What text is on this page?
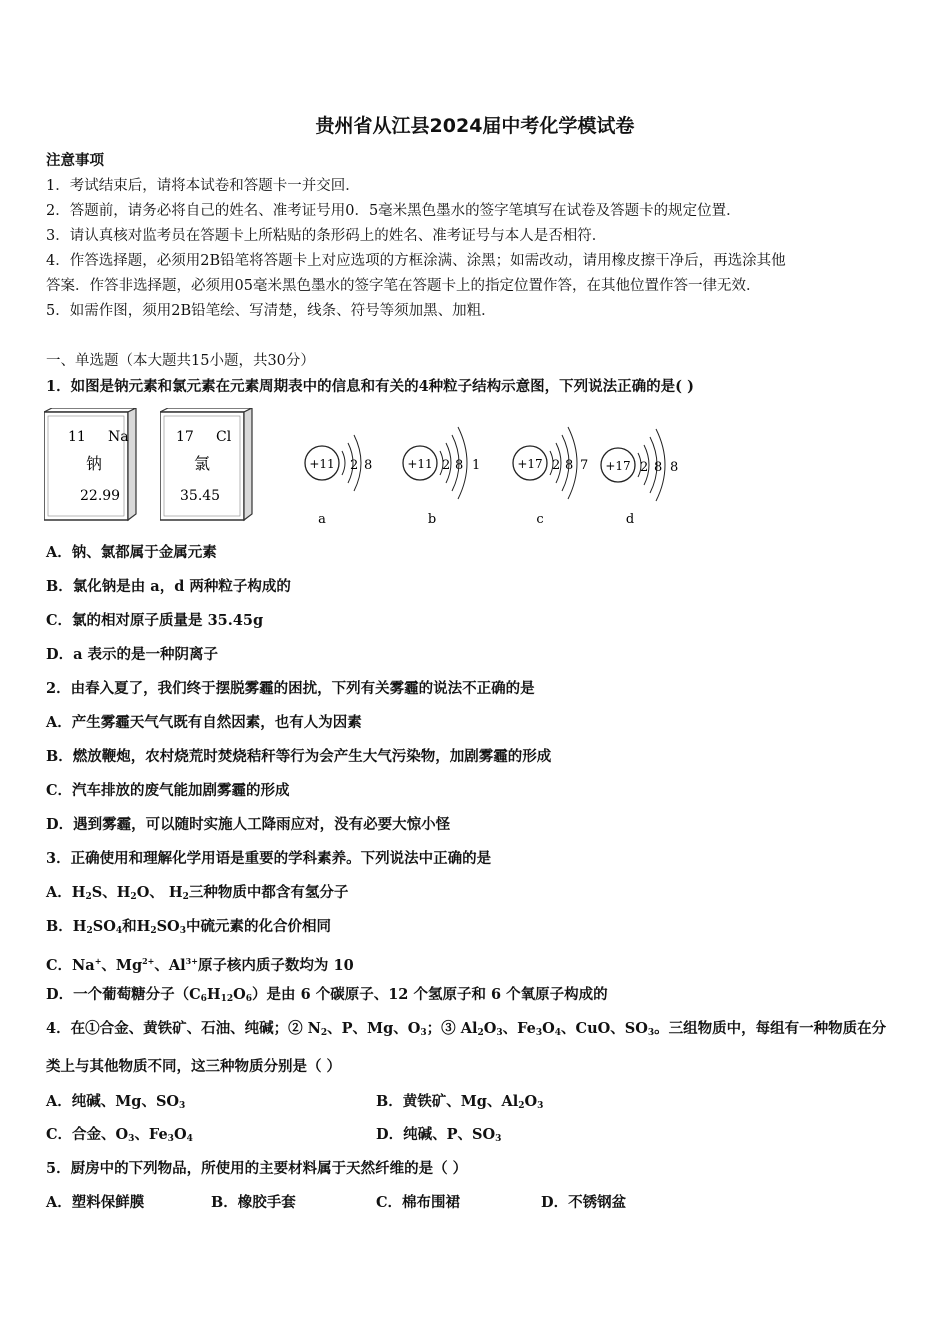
贵州省从江县2024届中考化学模试卷
注意事项
1．考试结束后，请将本试卷和答题卡一并交回．
2．答题前，请务必将自己的姓名、准考证号用0．5毫米黑色墨水的签字笔填写在试卷及答题卡的规定位置．
3．请认真核对监考员在答题卡上所粘贴的条形码上的姓名、准考证号与本人是否相符．
4．作答选择题，必须用2B铅笔将答题卡上对应选项的方框涂满、涂黑；如需改动，请用橡皮擦干净后，再选涂其他
答案．作答非选择题，必须用05毫米黑色墨水的签字笔在答题卡上的指定位置作答，在其他位置作答一律无效．
5．如需作图，须用2B铅笔绘、写清楚，线条、符号等须加黑、加粗．
一、单选题（本大题共15小题，共30分）
1．如图是钠元素和氯元素在元素周期表中的信息和有关的4种粒子结构示意图，下列说法正确的是( )
11 Na
钠
22.99
17 Cl
氯
35.45
+11 2 8
a
+11 2 8 1
b
+17 2 8 7
c
+17 2 8 8
d
A．钠、氯都属于金属元素
B．氯化钠是由 a，d 两种粒子构成的
C．氯的相对原子质量是 35.45g
D．a 表示的是一种阴离子
2．由春入夏了，我们终于摆脱雾霾的困扰，下列有关雾霾的说法不正确的是
A．产生雾霾天气气既有自然因素，也有人为因素
B．燃放鞭炮，农村烧荒时焚烧秸秆等行为会产生大气污染物，加剧雾霾的形成
C．汽车排放的废气能加剧雾霾的形成
D．遇到雾霾，可以随时实施人工降雨应对，没有必要大惊小怪
3．正确使用和理解化学用语是重要的学科素养。下列说法中正确的是
A．$H_2S$、$H_2O$、 $H_2$三种物质中都含有氢分子
B．$H_2SO_4$和$H_2SO_3$中硫元素的化合价相同
C．Na+、$Mg^{2+}$、$Al^{3+}$原子核内质子数均为 10
D．一个葡萄糖分子$(C_6H_{12}O_6)$是由 6 个碳原子、12 个氢原子和 6 个氧原子构成的
4．在①合金、黄铁矿、石油、纯碱；② $N_2$、P、Mg、$O_3$；③ $Al_2O_3$、$Fe_3O_4$、CuO、$SO_3$。三组物质中，每组有一种物质在分
类上与其他物质不同，这三种物质分别是（ ）
A．纯碱、Mg、$SO_3$	B．黄铁矿、Mg、$Al_2O_3$
C．合金、$O_3$、$Fe_3O_4$	D．纯碱、P、$SO_3$
5．厨房中的下列物品，所使用的主要材料属于天然纤维的是（ ）
A．塑料保鲜膜	B．橡胶手套	C．棉布围裙	D．不锈钢盆
